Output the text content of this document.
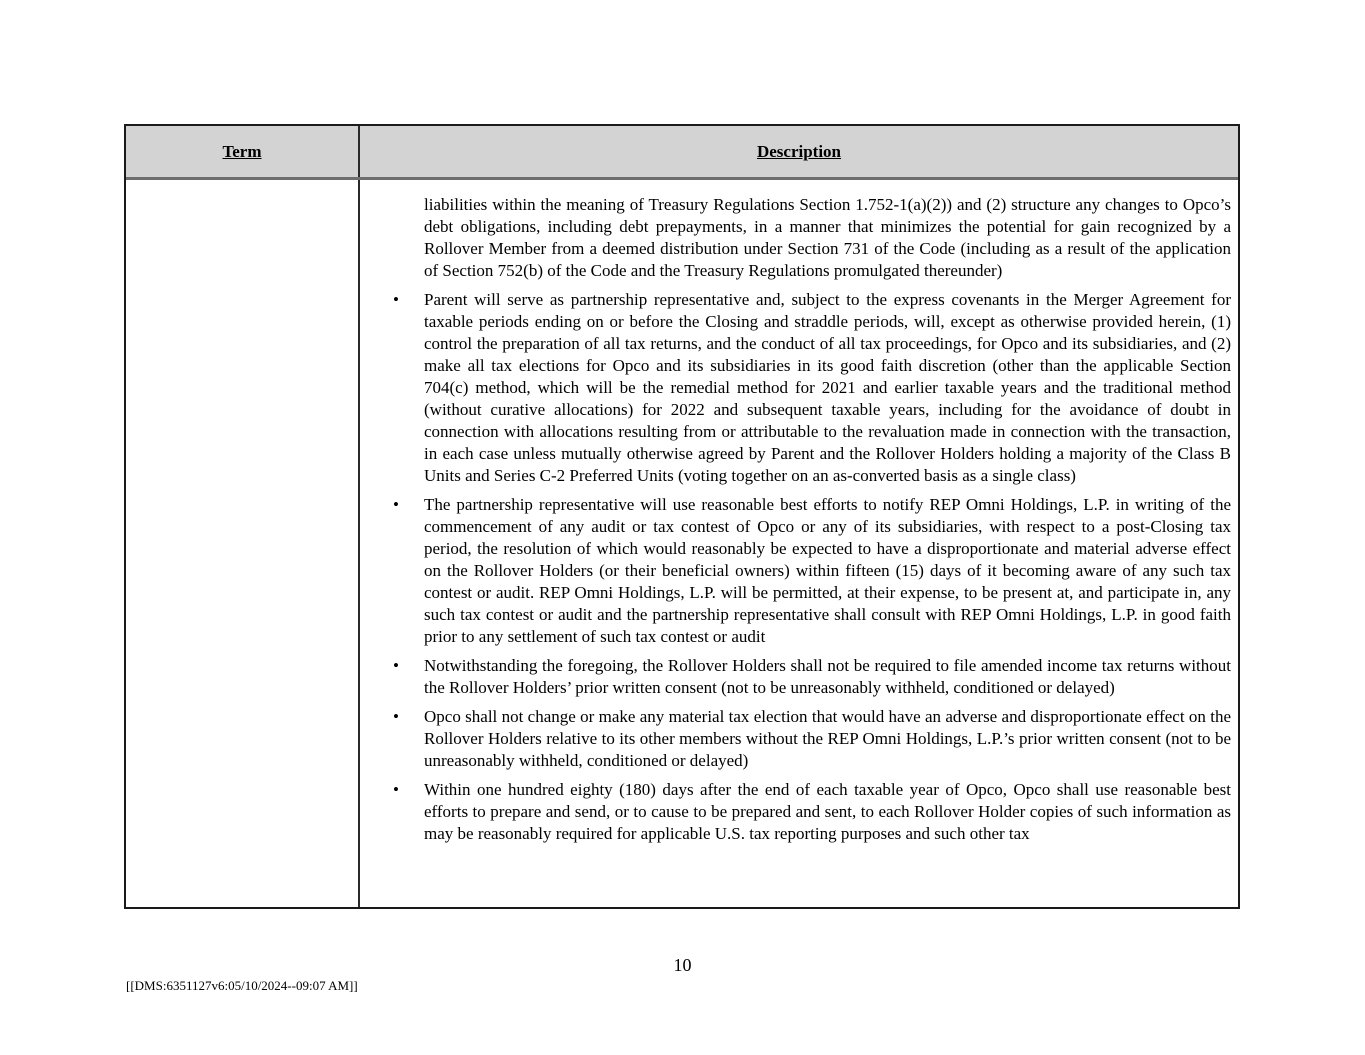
Term	Description
liabilities within the meaning of Treasury Regulations Section 1.752-1(a)(2)) and (2) structure any changes to Opco’s debt obligations, including debt prepayments, in a manner that minimizes the potential for gain recognized by a Rollover Member from a deemed distribution under Section 731 of the Code (including as a result of the application of Section 752(b) of the Code and the Treasury Regulations promulgated thereunder)
• Parent will serve as partnership representative and, subject to the express covenants in the Merger Agreement for taxable periods ending on or before the Closing and straddle periods, will, except as otherwise provided herein, (1) control the preparation of all tax returns, and the conduct of all tax proceedings, for Opco and its subsidiaries, and (2) make all tax elections for Opco and its subsidiaries in its good faith discretion (other than the applicable Section 704(c) method, which will be the remedial method for 2021 and earlier taxable years and the traditional method (without curative allocations) for 2022 and subsequent taxable years, including for the avoidance of doubt in connection with allocations resulting from or attributable to the revaluation made in connection with the transaction, in each case unless mutually otherwise agreed by Parent and the Rollover Holders holding a majority of the Class B Units and Series C-2 Preferred Units (voting together on an as-converted basis as a single class)
• The partnership representative will use reasonable best efforts to notify REP Omni Holdings, L.P. in writing of the commencement of any audit or tax contest of Opco or any of its subsidiaries, with respect to a post-Closing tax period, the resolution of which would reasonably be expected to have a disproportionate and material adverse effect on the Rollover Holders (or their beneficial owners) within fifteen (15) days of it becoming aware of any such tax contest or audit. REP Omni Holdings, L.P. will be permitted, at their expense, to be present at, and participate in, any such tax contest or audit and the partnership representative shall consult with REP Omni Holdings, L.P. in good faith prior to any settlement of such tax contest or audit
• Notwithstanding the foregoing, the Rollover Holders shall not be required to file amended income tax returns without the Rollover Holders’ prior written consent (not to be unreasonably withheld, conditioned or delayed)
• Opco shall not change or make any material tax election that would have an adverse and disproportionate effect on the Rollover Holders relative to its other members without the REP Omni Holdings, L.P.’s prior written consent (not to be unreasonably withheld, conditioned or delayed)
• Within one hundred eighty (180) days after the end of each taxable year of Opco, Opco shall use reasonable best efforts to prepare and send, or to cause to be prepared and sent, to each Rollover Holder copies of such information as may be reasonably required for applicable U.S. tax reporting purposes and such other tax
10
[[DMS:6351127v6:05/10/2024--09:07 AM]]
